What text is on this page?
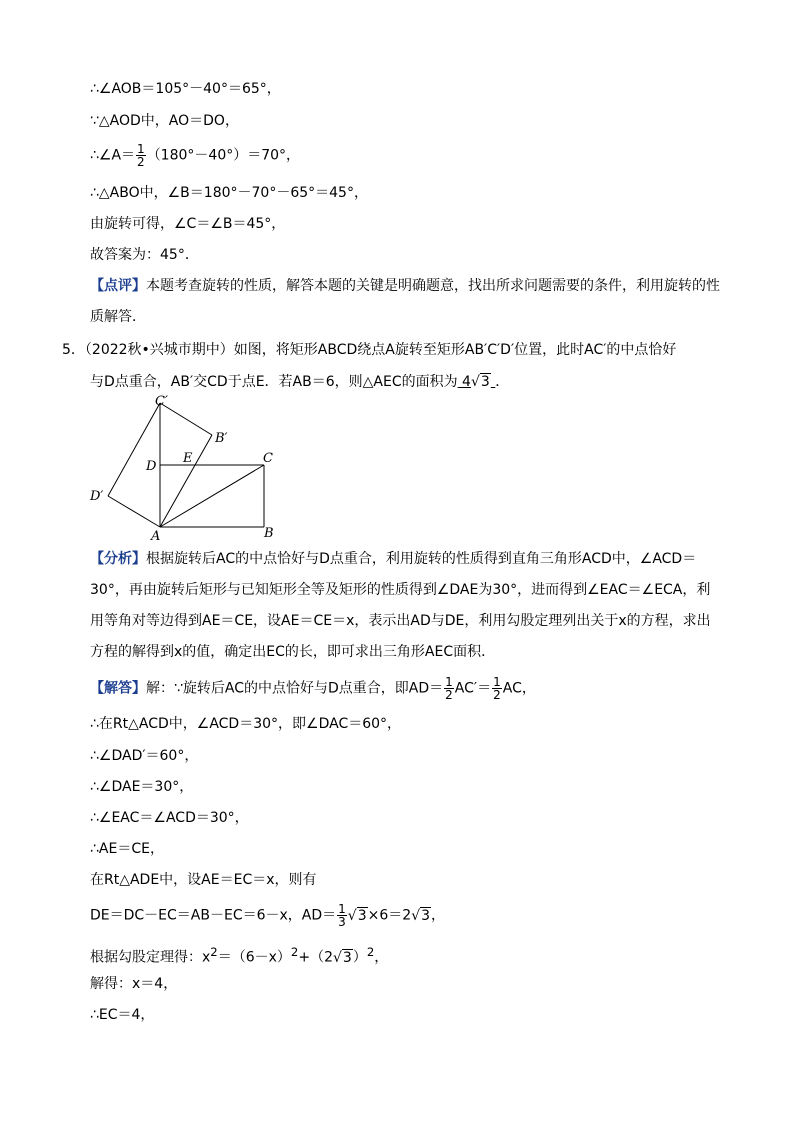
∴∠AOB＝105°－40°＝65°，
∵△AOD中，AO＝DO，
∴∠A＝ $\frac{1}{2} (180^\circ-40^\circ)=70^\circ$，
∴△ABO中，∠B＝180°－70°－65°＝45°，
由旋转可得，∠C＝∠B＝45°，
故答案为：45°．
【点评】本题考查旋转的性质，解答本题的关键是明确题意，找出所求问题需要的条件，利用旋转的性
质解答．
5．（2022秋•兴城市期中）如图，将矩形ABCD绕点A旋转至矩形AB′C′D′位置，此时AC′的中点恰好
与D点重合，AB′交CD于点E．若AB＝6，则△AEC的面积为 4√3 ．
C′
B′
D
E	C
D′
A	B
【分析】根据旋转后AC的中点恰好与D点重合，利用旋转的性质得到直角三角形ACD中，∠ACD＝
30°，再由旋转后矩形与已知矩形全等及矩形的性质得到∠DAE为30°，进而得到∠EAC＝∠ECA，利
用等角对等边得到AE＝CE，设AE＝CE＝x，表示出AD与DE，利用勾股定理列出关于x的方程，求出
方程的解得到x的值，确定出EC的长，即可求出三角形AEC面积．
【解答】解：∵旋转后AC的中点恰好与D点重合，即$AD= \frac{1}{2} AC'= \frac{1}{2}$ AC，
∴在Rt△ACD中，∠ACD＝30°，即∠DAC＝60°，
∴∠DAD′＝60°，
∴∠DAE＝30°，
∴∠EAC＝∠ACD＝30°，
∴AE＝CE，
在Rt△ADE中，设AE＝EC＝x，则有
DE＝DC－EC＝AB－EC＝6－x，$AD= \frac{1}{3} √3\times 6=2√3$，
根据勾股定理得：$x^2=(6-x)^2+(2√3)^2$，
解得：x＝4，
∴EC＝4，
